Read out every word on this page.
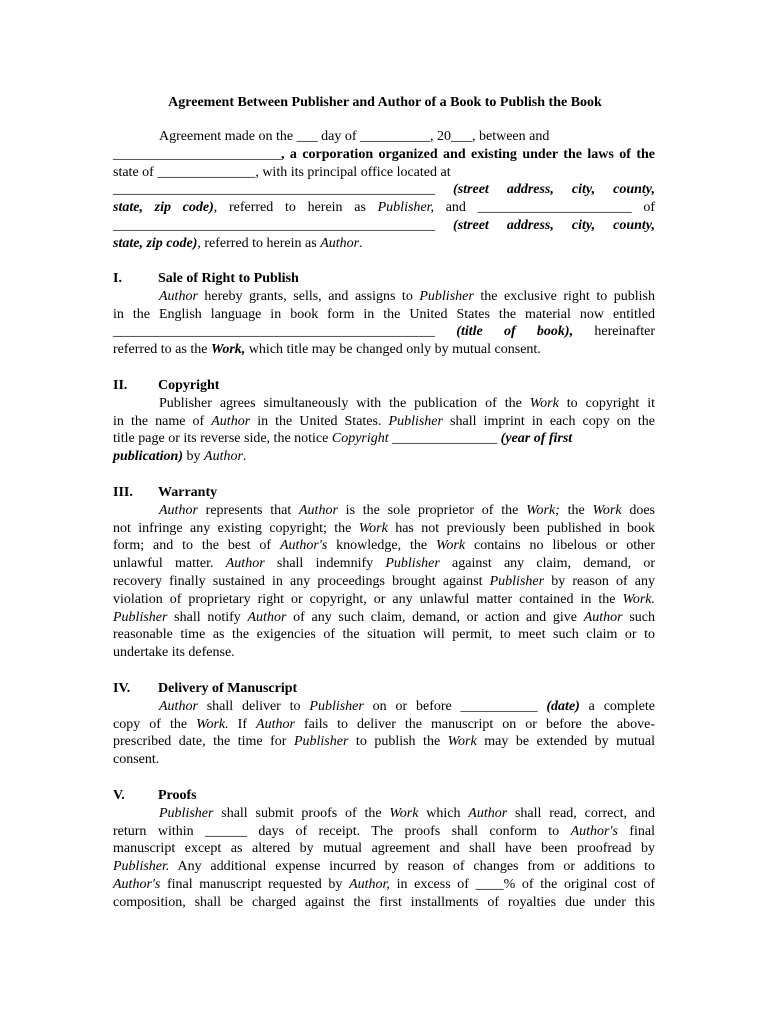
Agreement Between Publisher and Author of a Book to Publish the Book
Agreement made on the ___ day of __________, 20___, between and
________________________, a corporation organized and existing under the laws of the
state of ______________, with its principal office located at
______________________________________________ (street address, city, county,
state, zip code), referred to herein as Publisher, and ______________________ of
______________________________________________ (street address, city, county,
state, zip code), referred to herein as Author.
I.	Sale of Right to Publish
Author hereby grants, sells, and assigns to Publisher the exclusive right to publish
in the English language in book form in the United States the material now entitled
______________________________________________ (title of book), hereinafter
referred to as the Work, which title may be changed only by mutual consent.
II. Copyright
Publisher agrees simultaneously with the publication of the Work to copyright it
in the name of Author in the United States. Publisher shall imprint in each copy on the
title page or its reverse side, the notice Copyright _______________ (year of first
publication) by Author.
III. Warranty
Author represents that Author is the sole proprietor of the Work; the Work does
not infringe any existing copyright; the Work has not previously been published in book
form; and to the best of Author's knowledge, the Work contains no libelous or other
unlawful matter. Author shall indemnify Publisher against any claim, demand, or
recovery finally sustained in any proceedings brought against Publisher by reason of any
violation of proprietary right or copyright, or any unlawful matter contained in the Work.
Publisher shall notify Author of any such claim, demand, or action and give Author such
reasonable time as the exigencies of the situation will permit, to meet such claim or to
undertake its defense.
IV. Delivery of Manuscript
Author shall deliver to Publisher on or before ___________ (date) a complete
copy of the Work. If Author fails to deliver the manuscript on or before the above-
prescribed date, the time for Publisher to publish the Work may be extended by mutual
consent.
V. Proofs
Publisher shall submit proofs of the Work which Author shall read, correct, and
return within ______ days of receipt. The proofs shall conform to Author's final
manuscript except as altered by mutual agreement and shall have been proofread by
Publisher. Any additional expense incurred by reason of changes from or additions to
Author's final manuscript requested by Author, in excess of ____% of the original cost of
composition, shall be charged against the first installments of royalties due under this
